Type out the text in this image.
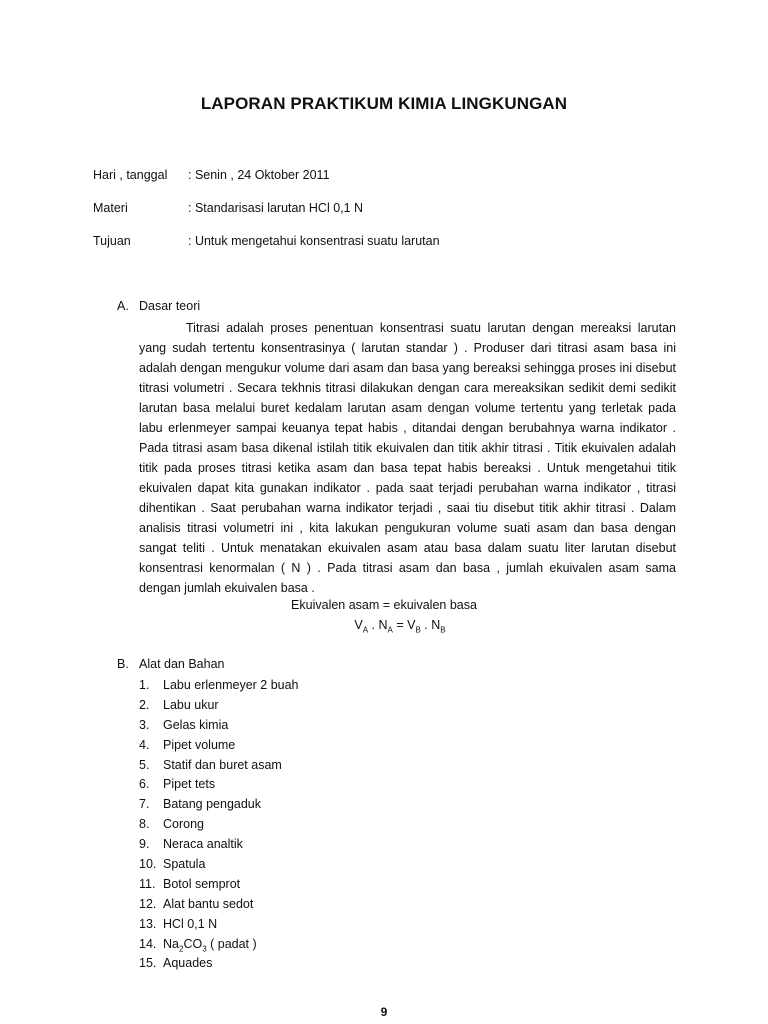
LAPORAN PRAKTIKUM KIMIA LINGKUNGAN
Hari , tanggal : Senin , 24 Oktober 2011
Materi	: Standarisasi larutan HCl 0,1 N
Tujuan	: Untuk mengetahui konsentrasi suatu larutan
A. Dasar teori

Titrasi adalah proses penentuan konsentrasi suatu larutan dengan mereaksi larutan yang sudah tertentu konsentrasinya ( larutan standar ) . Produser dari titrasi asam basa ini adalah dengan mengukur volume dari asam dan basa yang bereaksi sehingga proses ini disebut titrasi volumetri . Secara tekhnis titrasi dilakukan dengan cara mereaksikan sedikit demi sedikit larutan basa melalui buret kedalam larutan asam dengan volume tertentu yang terletak pada labu erlenmeyer sampai keuanya tepat habis , ditandai dengan berubahnya warna indikator . Pada titrasi asam basa dikenal istilah titik ekuivalen dan titik akhir titrasi . Titik ekuivalen adalah titik pada proses titrasi ketika asam dan basa tepat habis bereaksi . Untuk mengetahui titik ekuivalen dapat kita gunakan indikator . pada saat terjadi perubahan warna indikator , titrasi dihentikan . Saat perubahan warna indikator terjadi , saai tiu disebut titik akhir titrasi . Dalam analisis titrasi volumetri ini , kita lakukan pengukuran volume suati asam dan basa dengan sangat teliti . Untuk menatakan ekuivalen asam atau basa dalam suatu liter larutan disebut konsentrasi kenormalan ( N ) . Pada titrasi asam dan basa , jumlah ekuivalen asam sama dengan jumlah ekuivalen basa .

Ekuivalen asam = ekuivalen basa
$V_A$ . $N_A = V_B$ . $N_B$
B. Alat dan Bahan
1. Labu erlenmeyer 2 buah
2. Labu ukur
3. Gelas kimia
4. Pipet volume
5. Statif dan buret asam
6. Pipet tets
7. Batang pengaduk
8. Corong
9. Neraca analtik
10. Spatula
11. Botol semprot
12. Alat bantu sedot
13. HCl 0,1 N
14. $Na_2CO_3$ ( padat )
15. Aquades
9
